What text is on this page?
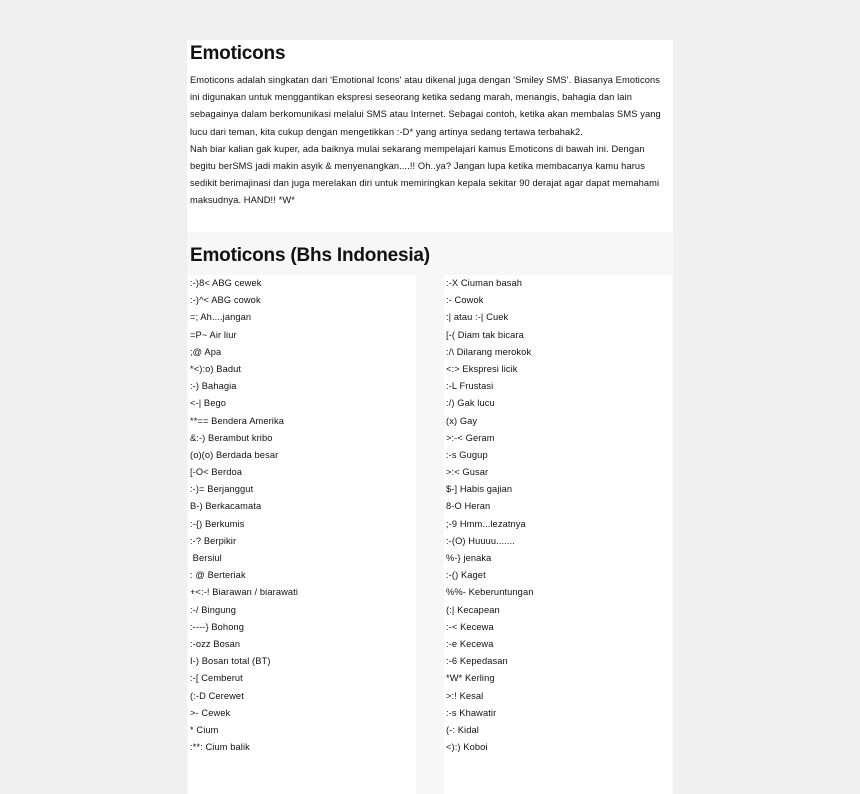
Emoticons

Emoticons adalah singkatan dari 'Emotional Icons' atau dikenal juga dengan 'Smiley SMS'. Biasanya Emoticons ini digunakan untuk menggantikan ekspresi seseorang ketika sedang marah, menangis, bahagia dan lain sebagainya dalam berkomunikasi melalui SMS atau Internet. Sebagai contoh, ketika akan membalas SMS yang lucu dari teman, kita cukup dengan mengetikkan :-D* yang artinya sedang tertawa terbahak2.

Nah biar kalian gak kuper, ada baiknya mulai sekarang mempelajari kamus Emoticons di bawah ini. Dengan begitu berSMS jadi makin asyik & menyenangkan....!! Oh..ya? Jangan lupa ketika membacanya kamu harus sedikit berimajinasi dan juga merelakan diri untuk memiringkan kepala sekitar 90 derajat agar dapat memahami maksudnya. HAND!! *W*

Emoticons (Bhs Indonesia)
:-)8< ABG cewek
:-)^< ABG cowok
=; Ah....jangan
=P~ Air liur
;@ Apa
*<):o) Badut
:-) Bahagia
<-| Bego
**== Bendera Amerika
&:-) Berambut kribo
(o)(o) Berdada besar
[-O< Berdoa
:-)= Berjanggut
B-) Berkacamata
:-{) Berkumis
:-? Berpikir
Bersiul
: @ Berteriak
+<:-! Biarawan / biarawati
:-/ Bingung
:----} Bohong
:-ozz Bosan
I-) Bosan total (BT)
:-[ Cemberut
(:-D Cerewet
>- Cewek
* Cium
:**: Cium balik
:-X Ciuman basah
:- Cowok
:| atau :-| Cuek
[-( Diam tak bicara
:/\ Dilarang merokok
<:> Ekspresi licik
:-L Frustasi
:/) Gak lucu
(x) Gay
>:-< Geram
:-s Gugup
>:< Gusar
$-] Habis gajian
8-O Heran
;-9 Hmm...lezatnya
:-(O) Huuuu.......
%-} jenaka
:-() Kaget
%%- Keberuntungan
(:| Kecapean
:-< Kecewa
:-e Kecewa
:-6 Kepedasan
*W* Kerling
>:! Kesal
:-s Khawatir
(-: Kidal
<):) Koboi
